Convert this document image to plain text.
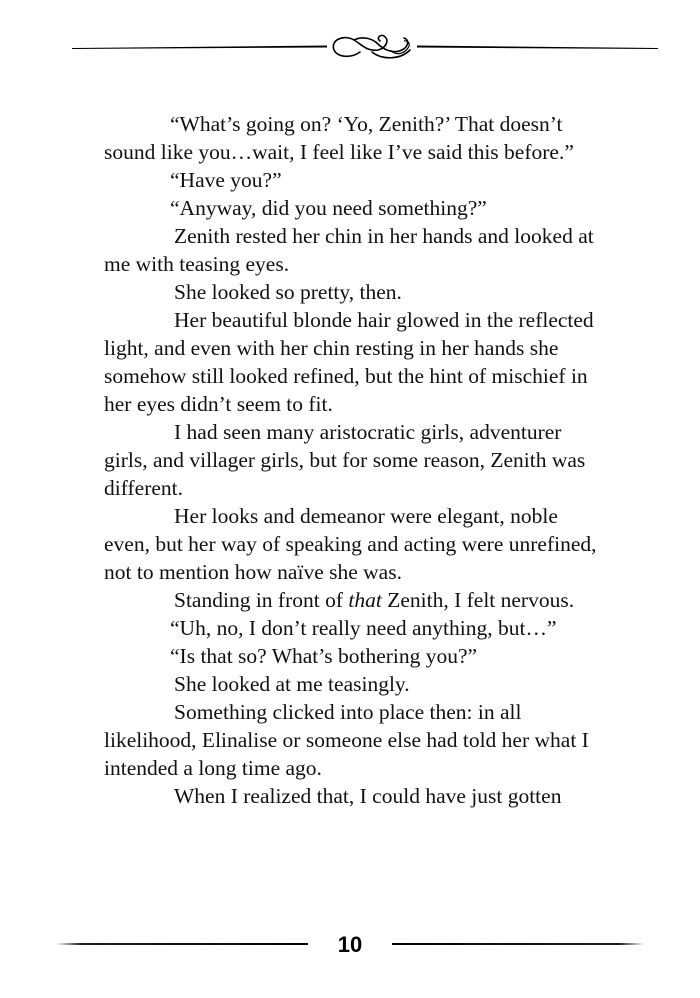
“What’s going on? ‘Yo, Zenith?’ That doesn’t sound like you…wait, I feel like I’ve said this before.”

“Have you?”

“Anyway, did you need something?”

Zenith rested her chin in her hands and looked at me with teasing eyes.

She looked so pretty, then.

Her beautiful blonde hair glowed in the reflected light, and even with her chin resting in her hands she somehow still looked refined, but the hint of mischief in her eyes didn’t seem to fit.

I had seen many aristocratic girls, adventurer girls, and villager girls, but for some reason, Zenith was different.

Her looks and demeanor were elegant, noble even, but her way of speaking and acting were unrefined, not to mention how naïve she was.

Standing in front of that Zenith, I felt nervous.

“Uh, no, I don’t really need anything, but…”

“Is that so? What’s bothering you?”

She looked at me teasingly.

Something clicked into place then: in all likelihood, Elinalise or someone else had told her what I intended a long time ago.

When I realized that, I could have just gotten

10
